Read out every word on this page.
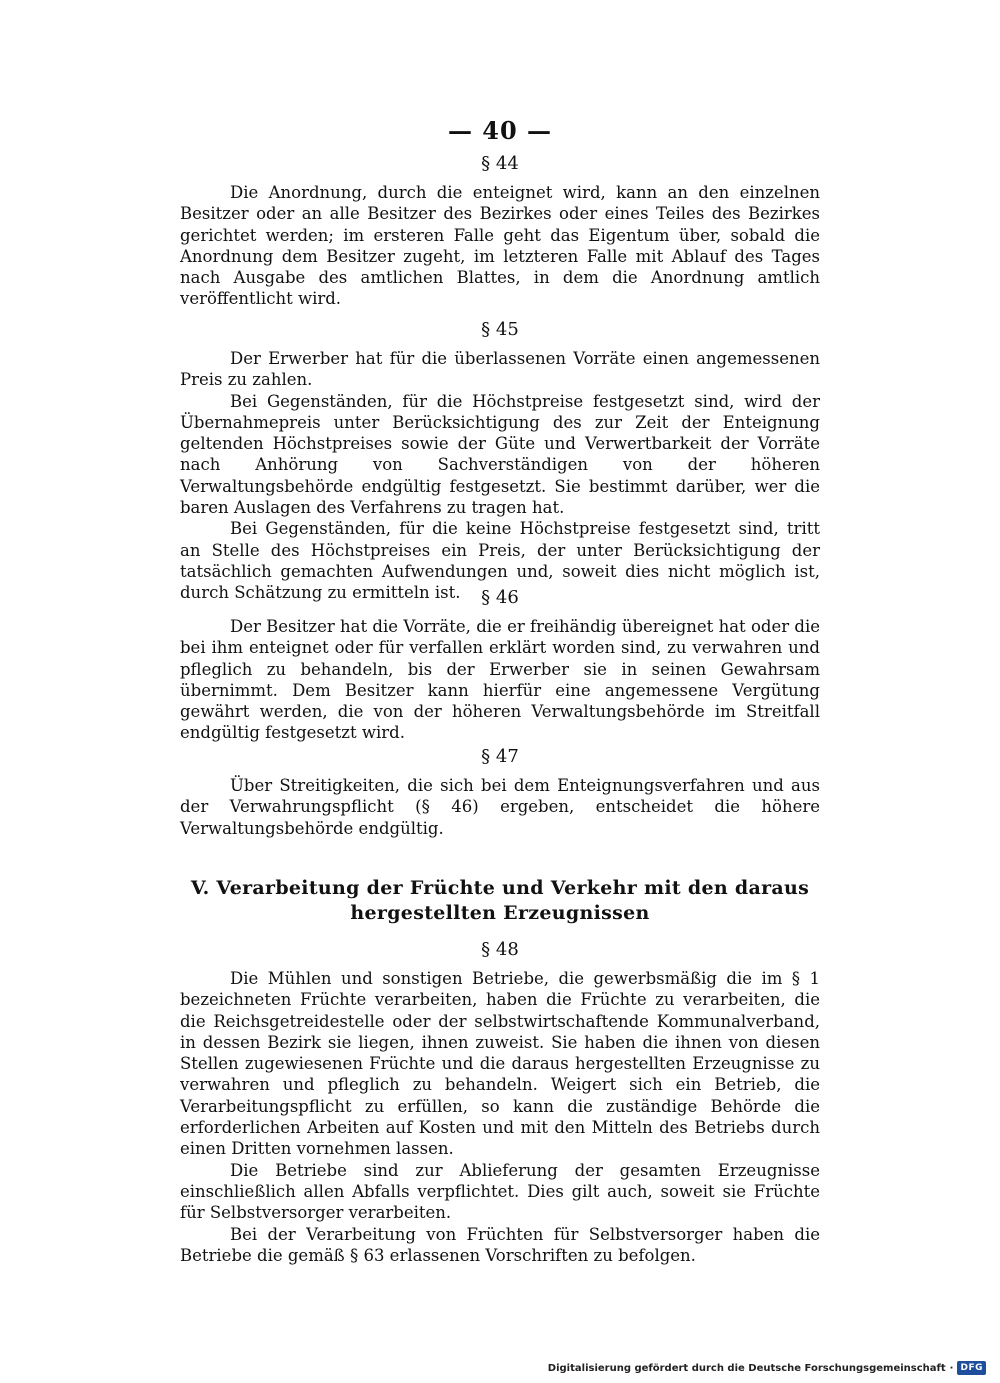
— 40 —
§ 44

Die Anordnung, durch die enteignet wird, kann an den einzelnen Besitzer oder an alle Besitzer des Bezirkes oder eines Teiles des Bezirkes gerichtet werden; im ersteren Falle geht das Eigentum über, sobald die Anordnung dem Besitzer zugeht, im letzteren Falle mit Ablauf des Tages nach Ausgabe des amtlichen Blattes, in dem die Anordnung amtlich veröffentlicht wird.

§ 45

Der Erwerber hat für die überlassenen Vorräte einen angemessenen Preis zu zahlen.

Bei Gegenständen, für die Höchstpreise festgesetzt sind, wird der Übernahmepreis unter Berücksichtigung des zur Zeit der Enteignung geltenden Höchstpreises sowie der Güte und Verwertbarkeit der Vorräte nach Anhörung von Sachverständigen von der höheren Verwaltungsbehörde endgültig festgesetzt. Sie bestimmt darüber, wer die baren Auslagen des Verfahrens zu tragen hat.

Bei Gegenständen, für die keine Höchstpreise festgesetzt sind, tritt an Stelle des Höchstpreises ein Preis, der unter Berücksichtigung der tatsächlich gemachten Aufwendungen und, soweit dies nicht möglich ist, durch Schätzung zu ermitteln ist.	§ 46

Der Besitzer hat die Vorräte, die er freihändig übereignet hat oder die bei ihm enteignet oder für verfallen erklärt worden sind, zu verwahren und pfleglich zu behandeln, bis der Erwerber sie in seinen Gewahrsam übernimmt. Dem Besitzer kann hierfür eine angemessene Vergütung gewährt werden, die von der höheren Verwaltungsbehörde im Streitfall endgültig festgesetzt wird.

§ 47

Über Streitigkeiten, die sich bei dem Enteignungsverfahren und aus der Verwahrungspflicht (§ 46) ergeben, entscheidet die höhere Verwaltungsbehörde endgültig.

V. Verarbeitung der Früchte und Verkehr mit den daraus
hergestellten Erzeugnissen
§ 48

Die Mühlen und sonstigen Betriebe, die gewerbsmäßig die im § 1 bezeichneten Früchte verarbeiten, haben die Früchte zu verarbeiten, die die Reichsgetreidestelle oder der selbstwirtschaftende Kommunalverband, in dessen Bezirk sie liegen, ihnen zuweist. Sie haben die ihnen von diesen Stellen zugewiesenen Früchte und die daraus hergestellten Erzeugnisse zu verwahren und pfleglich zu behandeln. Weigert sich ein Betrieb, die Verarbeitungspflicht zu erfüllen, so kann die zuständige Behörde die erforderlichen Arbeiten auf Kosten und mit den Mitteln des Betriebs durch einen Dritten vornehmen lassen.

Die Betriebe sind zur Ablieferung der gesamten Erzeugnisse einschließlich allen Abfalls verpflichtet. Dies gilt auch, soweit sie Früchte für Selbstversorger verarbeiten.

Bei der Verarbeitung von Früchten für Selbstversorger haben die Betriebe die gemäß § 63 erlassenen Vorschriften zu befolgen.

Digitalisierung gefördert durch die Deutsche Forschungsgemeinschaft · DFG
